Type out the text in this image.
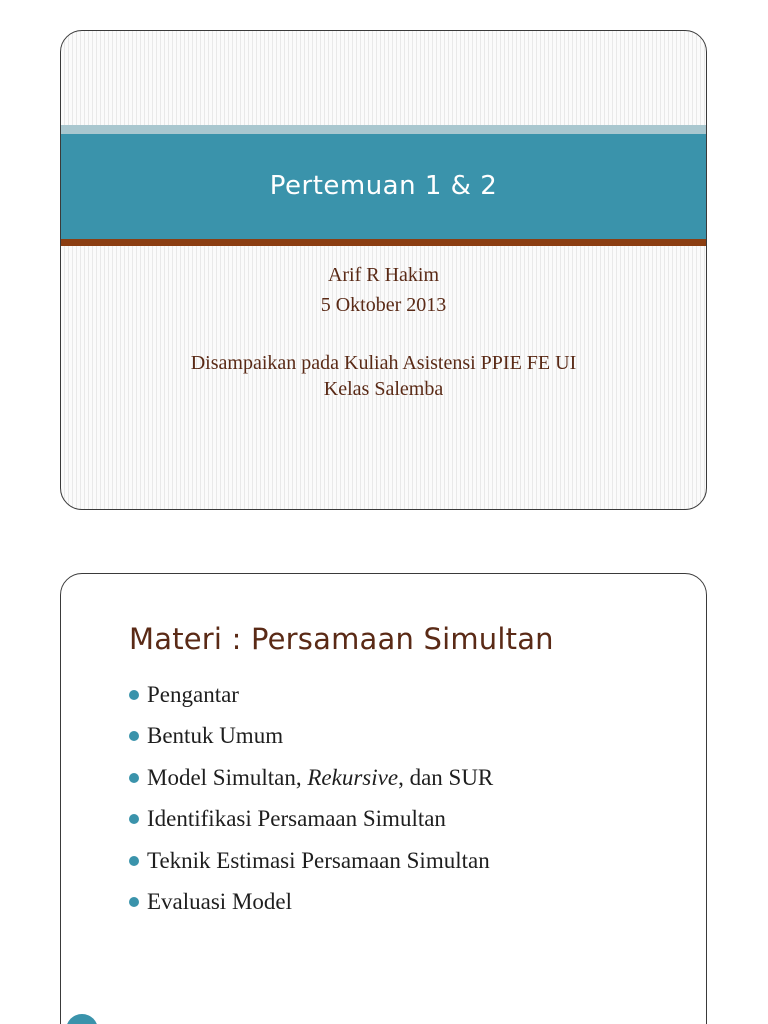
Pertemuan 1 & 2
Arif R Hakim
5 Oktober 2013
Disampaikan pada Kuliah Asistensi PPIE FE UI
Kelas Salemba
Materi : Persamaan Simultan
Pengantar
Bentuk Umum
Model Simultan, Rekursive, dan SUR
Identifikasi Persamaan Simultan
Teknik Estimasi Persamaan Simultan
Evaluasi Model
